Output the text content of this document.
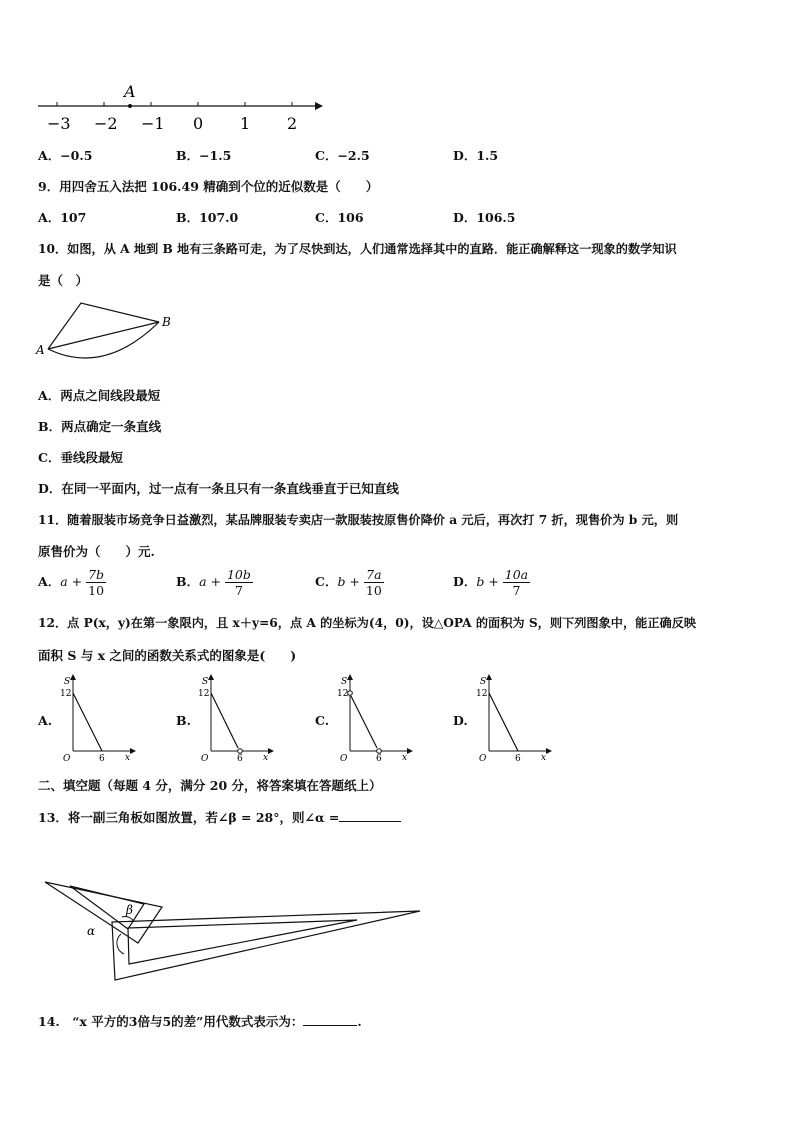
A
−3 −2 −1 0 1 2
A．−0.5	B．−1.5	C．−2.5	D．1.5
9．用四舍五入法把 106.49 精确到个位的近似数是（　　）
A．107	B．107.0	C．106	D．106.5
10．如图，从 A 地到 B 地有三条路可走，为了尽快到达，人们通常选择其中的直路．能正确解释这一现象的数学知识
是（　）
A
B
A．两点之间线段最短
B．两点确定一条直线
C．垂线段最短
D．在同一平面内，过一点有一条且只有一条直线垂直于已知直线
11．随着服装市场竞争日益激烈，某品牌服装专卖店一款服装按原售价降价 a 元后，再次打 7 折，现售价为 b 元，则
原售价为（　　）元.
A．$a + \frac{7b}{10}$	B．$a + \frac{10b}{7}$	C．$b + \frac{7a}{10}$	D．$b + \frac{10a}{7}$
12．点 P(x，y)在第一象限内，且 x＋y=6，点 A 的坐标为(4，0)，设△OPA 的面积为 S，则下列图象中，能正确反映
面积 S 与 x 之间的函数关系式的图象是(　　)
A.	B.	C.	D.
S
12
O	6 x
S
12
O	6 x
S
12
O	6 x
S
12
O	6 x
二、填空题（每题 4 分，满分 20 分，将答案填在答题纸上）
13．将一副三角板如图放置，若∠β = 28°，则∠α =
β
α
14.　“x 平方的3倍与5的差”用代数式表示为：	.
